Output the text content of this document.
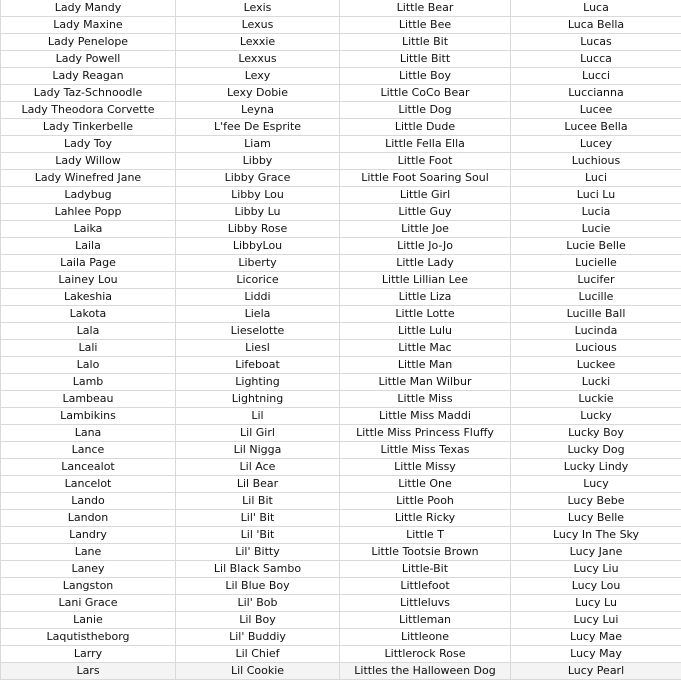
Lady Mandy	Lexis	Little Bear	Luca
Lady Maxine	Lexus	Little Bee	Luca Bella
Lady Penelope	Lexxie	Little Bit	Lucas
Lady Powell	Lexxus	Little Bitt	Lucca
Lady Reagan	Lexy	Little Boy	Lucci
Lady Taz-Schnoodle	Lexy Dobie	Little CoCo Bear	Luccianna
Lady Theodora Corvette	Leyna	Little Dog	Lucee
Lady Tinkerbelle	L'fee De Esprite	Little Dude	Lucee Bella
Lady Toy	Liam	Little Fella Ella	Lucey
Lady Willow	Libby	Little Foot	Luchious
Lady Winefred Jane	Libby Grace	Little Foot Soaring Soul	Luci
Ladybug	Libby Lou	Little Girl	Luci Lu
Lahlee Popp	Libby Lu	Little Guy	Lucia
Laika	Libby Rose	Little Joe	Lucie
Laila	LibbyLou	Little Jo-Jo	Lucie Belle
Laila Page	Liberty	Little Lady	Lucielle
Lainey Lou	Licorice	Little Lillian Lee	Lucifer
Lakeshia	Liddi	Little Liza	Lucille
Lakota	Liela	Little Lotte	Lucille Ball
Lala	Lieselotte	Little Lulu	Lucinda
Lali	Liesl	Little Mac	Lucious
Lalo	Lifeboat	Little Man	Luckee
Lamb	Lighting	Little Man Wilbur	Lucki
Lambeau	Lightning	Little Miss	Luckie
Lambikins	Lil	Little Miss Maddi	Lucky
Lana	Lil Girl	Little Miss Princess Fluffy	Lucky Boy
Lance	Lil Nigga	Little Miss Texas	Lucky Dog
Lancealot	Lil Ace	Little Missy	Lucky Lindy
Lancelot	Lil Bear	Little One	Lucy
Lando	Lil Bit	Little Pooh	Lucy Bebe
Landon	Lil' Bit	Little Ricky	Lucy Belle
Landry	Lil 'Bit	Little T	Lucy In The Sky
Lane	Lil' Bitty	Little Tootsie Brown	Lucy Jane
Laney	Lil Black Sambo	Little-Bit	Lucy Liu
Langston	Lil Blue Boy	Littlefoot	Lucy Lou
Lani Grace	Lil' Bob	Littleluvs	Lucy Lu
Lanie	Lil Boy	Littleman	Lucy Lui
Laqutistheborg	Lil' Buddiy	Littleone	Lucy Mae
Larry	Lil Chief	Littlerock Rose	Lucy May
Lars	Lil Cookie	Littles the Halloween Dog	Lucy Pearl
